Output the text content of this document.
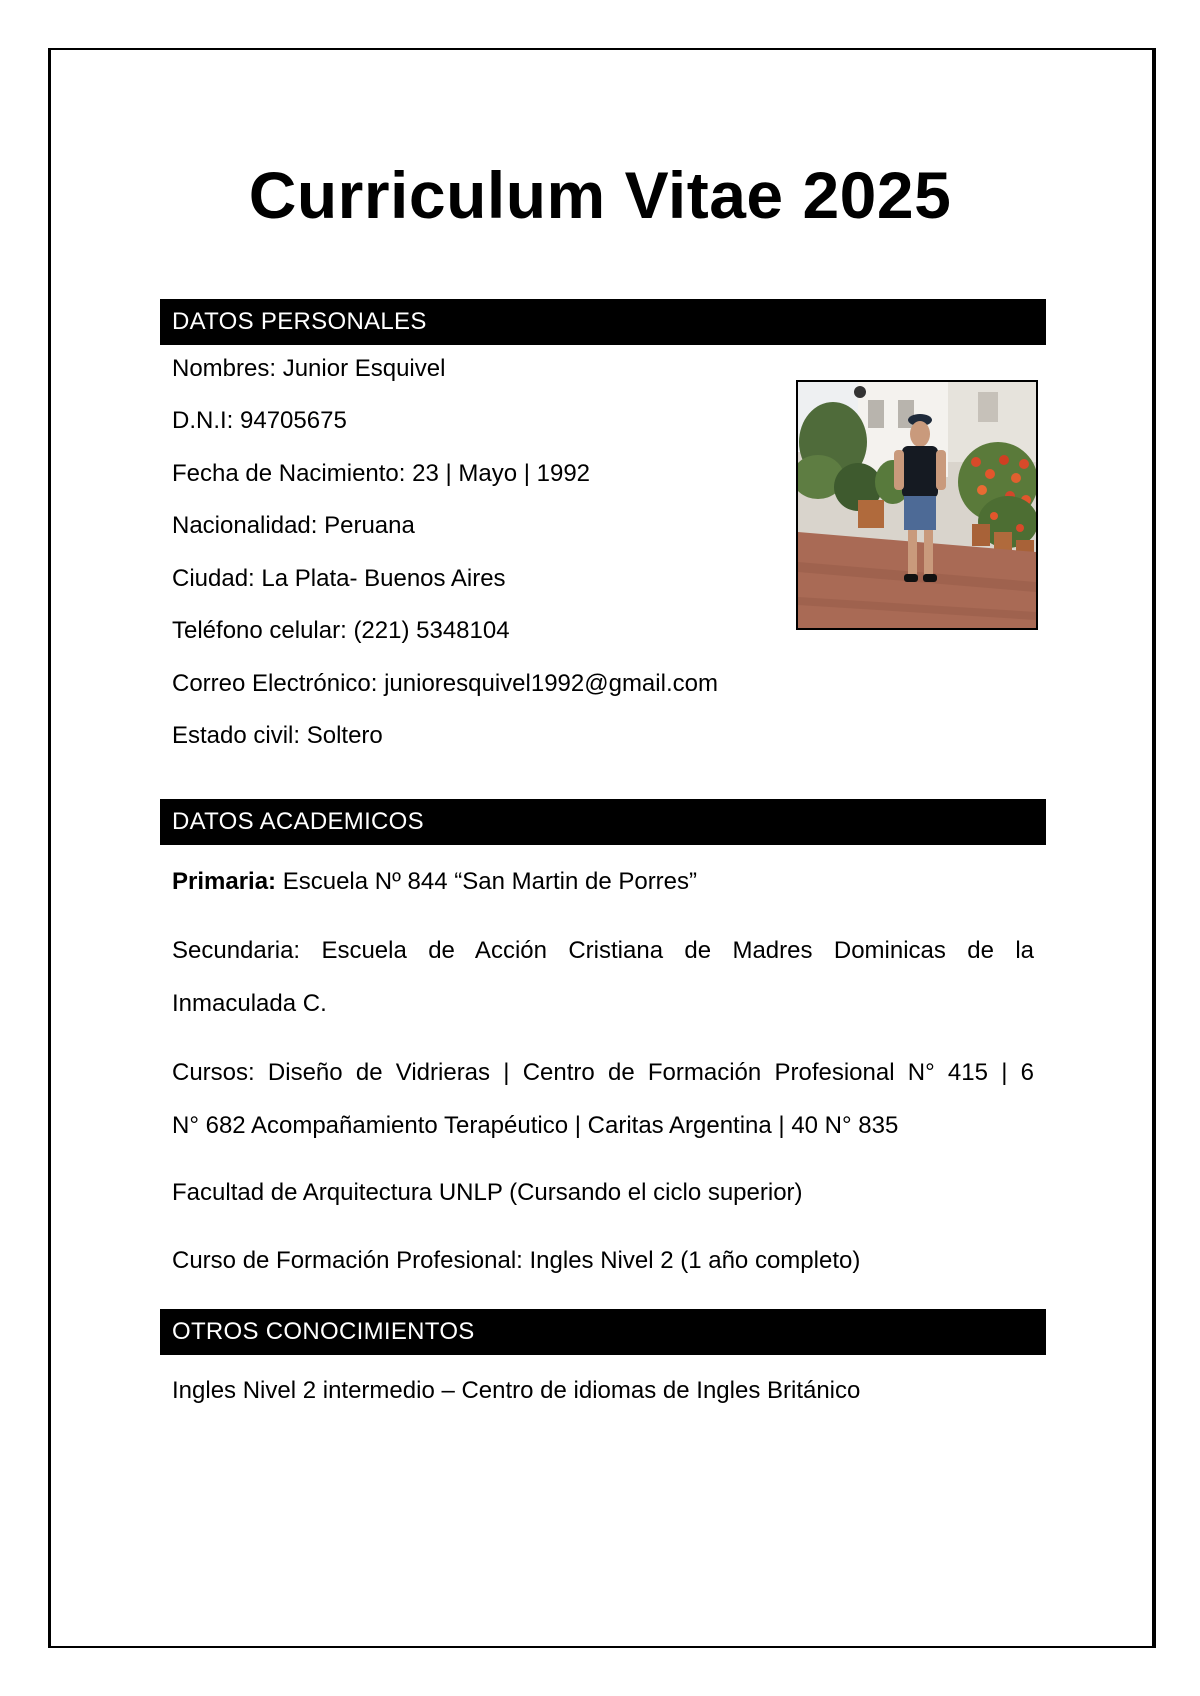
Curriculum Vitae 2025
DATOS PERSONALES
Nombres: Junior Esquivel
D.N.I: 94705675
Fecha de Nacimiento: 23 | Mayo | 1992
Nacionalidad: Peruana
Ciudad: La Plata- Buenos Aires
Teléfono celular: (221) 5348104
Correo Electrónico: junioresquivel1992@gmail.com
Estado civil: Soltero
DATOS ACADEMICOS
Primaria: Escuela Nº 844 “San Martin de Porres”
Secundaria: Escuela de Acción Cristiana de Madres Dominicas de la
Inmaculada C.
Cursos: Diseño de Vidrieras | Centro de Formación Profesional N° 415 | 6
N° 682 Acompañamiento Terapéutico | Caritas Argentina | 40 N° 835
Facultad de Arquitectura UNLP (Cursando el ciclo superior)
Curso de Formación Profesional: Ingles Nivel 2 (1 año completo)
OTROS CONOCIMIENTOS
Ingles Nivel 2 intermedio – Centro de idiomas de Ingles Británico
